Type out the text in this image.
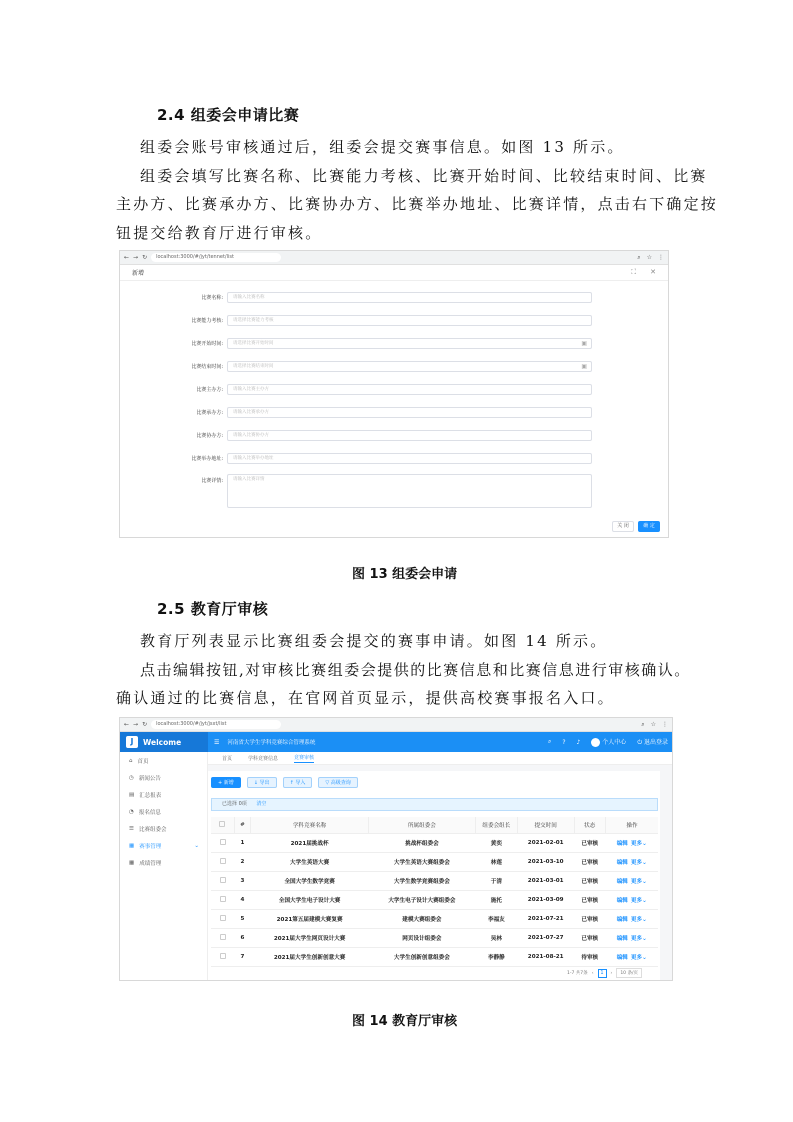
2.4 组委会申请比赛
组委会账号审核通过后，组委会提交赛事信息。如图 13 所示。
组委会填写比赛名称、比赛能力考核、比赛开始时间、比较结束时间、比赛
主办方、比赛承办方、比赛协办方、比赛举办地址、比赛详情，点击右下确定按
钮提交给教育厅进行审核。
← → ↻	localhost:3000/#/jyt/tennet/list	⌕ ☆ ⋮
新增	⛶ ✕
比赛名称:	请输入比赛名称
比赛能力考核:	请选择比赛能力考核
比赛开始时间:	请选择比赛开始时间	▣
比赛结束时间:	请选择比赛结束时间	▣
比赛主办方:	请输入比赛主办方
比赛承办方:	请输入比赛承办方
比赛协办方:	请输入比赛协办方
比赛举办地址:	请输入比赛举办地址
比赛详情:	请输入比赛详情
关 闭	确 定
图 13 组委会申请
2.5 教育厅审核
教育厅列表显示比赛组委会提交的赛事申请。如图 14 所示。
点击编辑按钮,对审核比赛组委会提供的比赛信息和比赛信息进行审核确认。
确认通过的比赛信息，在官网首页显示，提供高校赛事报名入口。
← → ↻	localhost:3000/#/jyt/jsxt/list	⌕ ☆ ⋮
J	Welcome	☰	河南省大学生学科竞赛综合管理系统	⌕ ? ♪	个人中心 ⏻ 退出登录
⌂ 首页
◷ 新闻公告
▤ 汇总报表
◔ 报名信息
☰ 比赛组委会
▦ 赛事管理	⌄
▦ 成绩管理
首页	学科竞赛信息	竞赛审核
+ 新增	↓ 导出	↑ 导入	▽ 高级查询
已选择 0项 清空
	#	学科竞赛名称	所属组委会	组委会组长	提交时间	状态	操作
	1	2021届挑战杯	挑战杯组委会	黄奕	2021-02-01	已审核	编辑 更多⌄
	2	大学生英语大赛	大学生英语大赛组委会	林莲	2021-03-10	已审核	编辑 更多⌄
	3	全国大学生数学竞赛	大学生数学竞赛组委会	于清	2021-03-01	已审核	编辑 更多⌄
	4	全国大学生电子设计大赛	大学生电子设计大赛组委会	施托	2021-03-09	已审核	编辑 更多⌄
	5	2021第五届建模大赛复赛	建模大赛组委会	李福友	2021-07-21	已审核	编辑 更多⌄
	6	2021届大学生网页设计大赛	网页设计组委会	吴林	2021-07-27	已审核	编辑 更多⌄
	7	2021届大学生创新创意大赛	大学生创新创意组委会	李静静	2021-08-21	待审核	编辑 更多⌄
1-7 共7条 ‹	1	›	10 条/页
图 14 教育厅审核
